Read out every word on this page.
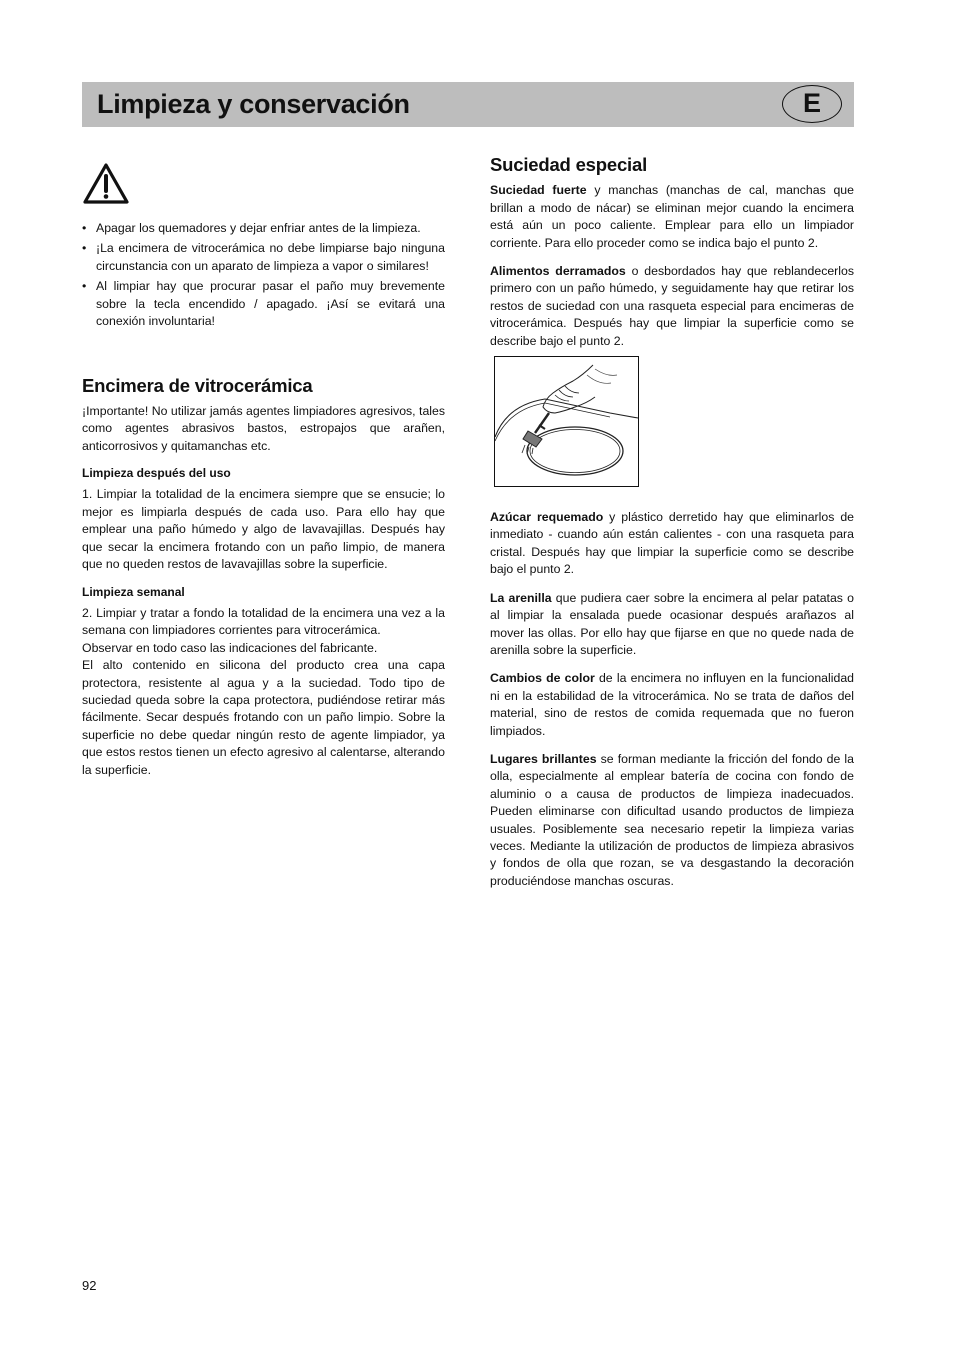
Limpieza y conservación	E
• Apagar los quemadores y dejar enfriar antes de la limpieza.
• ¡La encimera de vitrocerámica no debe limpiarse bajo ninguna circunstancia con un aparato de limpieza a vapor o similares!
• Al limpiar hay que procurar pasar el paño muy brevemente sobre la tecla encendido / apagado. ¡Así se evitará una conexión involuntaria!
Encimera de vitrocerámica

¡Importante! No utilizar jamás agentes limpiadores agresivos, tales como agentes abrasivos bastos, estropajos que arañen, anticorrosivos y quitamanchas etc.

Limpieza después del uso

1. Limpiar la totalidad de la encimera siempre que se ensucie; lo mejor es limpiarla después de cada uso. Para ello hay que emplear una paño húmedo y algo de lavavajillas. Después hay que secar la encimera frotando con un paño limpio, de manera que no queden restos de lavavajillas sobre la superficie.

Limpieza semanal

2. Limpiar y tratar a fondo la totalidad de la encimera una vez a la semana con limpiadores corrientes para vitrocerámica.

Observar en todo caso las indicaciones del fabricante.

El alto contenido en silicona del producto crea una capa protectora, resistente al agua y a la suciedad. Todo tipo de suciedad queda sobre la capa protectora, pudiéndose retirar más fácilmente. Secar después frotando con un paño limpio. Sobre la superficie no debe quedar ningún resto de agente limpiador, ya que estos restos tienen un efecto agresivo al calentarse, alterando la superficie.

Suciedad especial

Suciedad fuerte y manchas (manchas de cal, manchas que brillan a modo de nácar) se eliminan mejor cuando la encimera está aún un poco caliente. Emplear para ello un limpiador corriente. Para ello proceder como se indica bajo el punto 2.

Alimentos derramados o desbordados hay que reblandecerlos primero con un paño húmedo, y seguidamente hay que retirar los restos de suciedad con una rasqueta especial para encimeras de vitrocerámica. Después hay que limpiar la superficie como se describe bajo el punto 2.

Azúcar requemado y plástico derretido hay que eliminarlos de inmediato - cuando aún están calientes - con una rasqueta para cristal. Después hay que limpiar la superficie como se describe bajo el punto 2.

La arenilla que pudiera caer sobre la encimera al pelar patatas o al limpiar la ensalada puede ocasionar después arañazos al mover las ollas. Por ello hay que fijarse en que no quede nada de arenilla sobre la superficie.

Cambios de color de la encimera no influyen en la funcionalidad ni en la estabilidad de la vitrocerámica. No se trata de daños del material, sino de restos de comida requemada que no fueron limpiados.

Lugares brillantes se forman mediante la fricción del fondo de la olla, especialmente al emplear batería de cocina con fondo de aluminio o a causa de productos de limpieza inadecuados. Pueden eliminarse con dificultad usando productos de limpieza usuales. Posiblemente sea necesario repetir la limpieza varias veces. Mediante la utilización de productos de limpieza abrasivos y fondos de olla que rozan, se va desgastando la decoración produciéndose manchas oscuras.

92
